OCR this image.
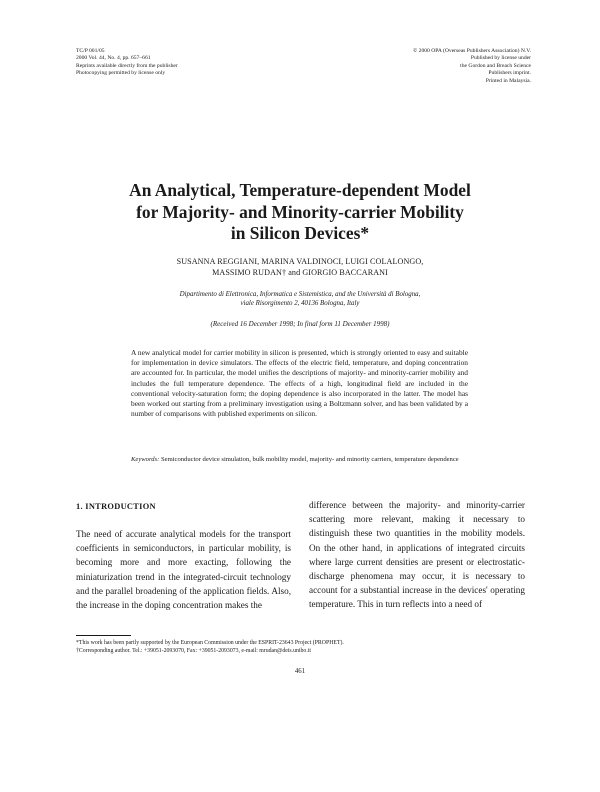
TC/P 001/05
2000 Vol. 44, No. 4, pp. 657–661
Reprints available directly from the publisher
Photocopying permitted by license only
© 2000 OPA (Overseas Publishers Association) N.V.
Published by license under
the Gordon and Breach Science
Publishers imprint.
Printed in Malaysia.
An Analytical, Temperature-dependent Model
for Majority- and Minority-carrier Mobility
in Silicon Devices*
SUSANNA REGGIANI, MARINA VALDINOCI, LUIGI COLALONGO,
MASSIMO RUDAN† and GIORGIO BACCARANI
Dipartimento di Elettronica, Informatica e Sistemistica, and the Università di Bologna,
viale Risorgimento 2, 40136 Bologna, Italy
(Received 16 December 1998; In final form 11 December 1998)
A new analytical model for carrier mobility in silicon is presented, which is strongly oriented to easy and suitable for implementation in device simulators. The effects of the electric field, temperature, and doping concentration are accounted for. In particular, the model unifies the descriptions of majority- and minority-carrier mobility and includes the full temperature dependence. The effects of a high, longitudinal field are included in the conventional velocity-saturation form; the doping dependence is also incorporated in the latter. The model has been worked out starting from a preliminary investigation using a Boltzmann solver, and has been validated by a number of comparisons with published experiments on silicon.
Keywords: Semiconductor device simulation, bulk mobility model, majority- and minority carriers, temperature dependence
1. INTRODUCTION
The need of accurate analytical models for the transport coefficients in semiconductors, in particular mobility, is becoming more and more exacting, following the miniaturization trend in the integrated-circuit technology and the parallel broadening of the application fields. Also, the increase in the doping concentration makes the
difference between the majority- and minority-carrier scattering more relevant, making it necessary to distinguish these two quantities in the mobility models. On the other hand, in applications of integrated circuits where large current densities are present or electrostatic-discharge phenomena may occur, it is necessary to account for a substantial increase in the devices' operating temperature. This in turn reflects into a need of
*This work has been partly supported by the European Commission under the ESPRIT-23643 Project (PROPHET).
†Corresponding author. Tel.: +39051-2093070, Fax: +39051-2093073, e-mail: mrudan@deis.unibo.it
461
